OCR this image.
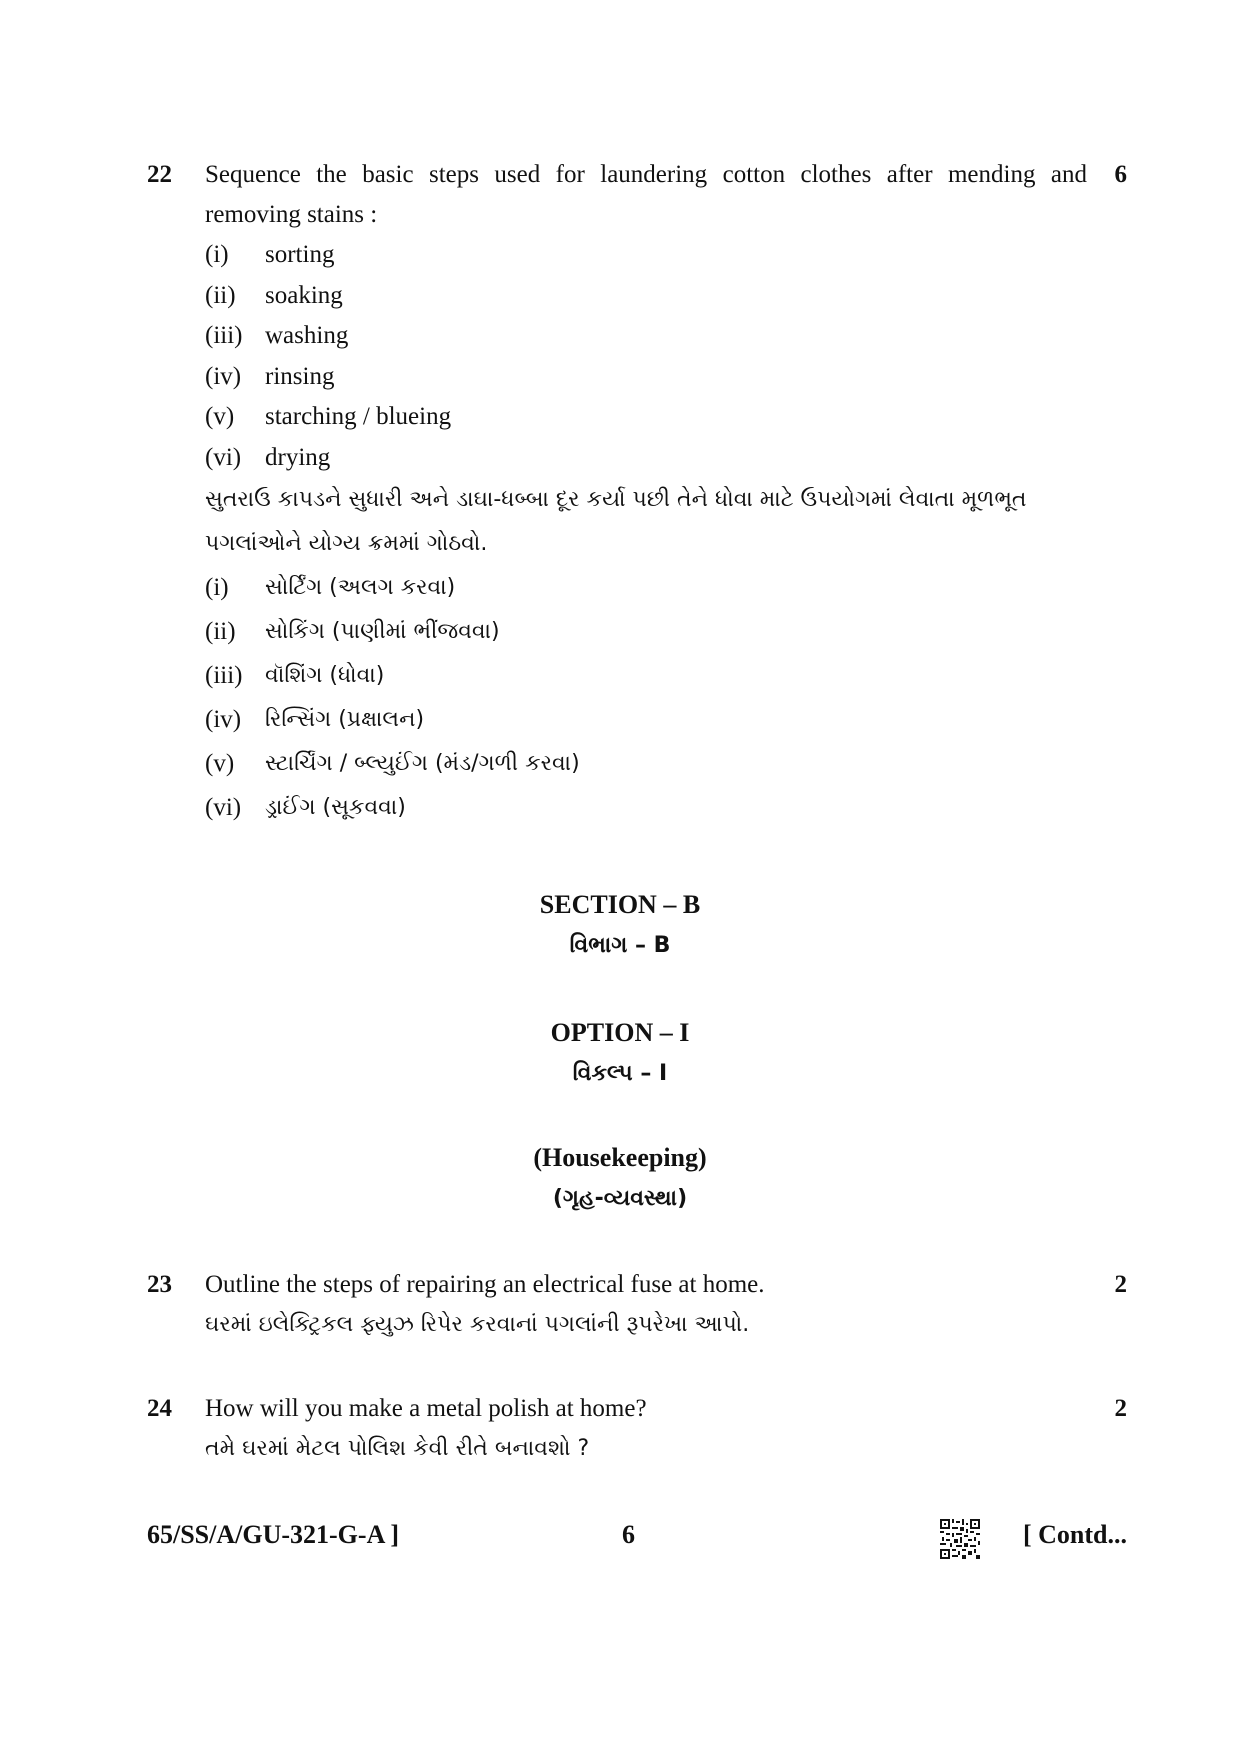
22	6
Sequence the basic steps used for laundering cotton clothes after mending and
removing stains :
(i)	sorting
(ii)	soaking
(iii) washing
(iv) rinsing
(v)	starching / blueing
(vi) drying
સુતરાઉ કાપડને સુધારી અને ડાઘા-ધબ્બા દૂર કર્યા પછી તેને ધોવા માટે ઉપયોગમાં લેવાતા મૂળભૂત
પગલાંઓને યોગ્ય ક્રમમાં ગોઠવો.
(i)	સોર્ટિંગ (અલગ કરવા)
(ii)	સોકિંગ (પાણીમાં ભીંજવવા)
(iii)	વૉશિંગ (ધોવા)
(iv)	રિન્સિંગ (પ્રક્ષાલન)
(v)	સ્ટાર્ચિંગ / બ્લ્યુઈંગ (મંડ/ગળી કરવા)
(vi)	ડ્રાઈંગ (સૂકવવા)
SECTION – B
વિભાગ – B
OPTION – I
વિકલ્પ – I
(Housekeeping)
(ગૃહ-વ્યવસ્થા)
23	2
Outline the steps of repairing an electrical fuse at home.
ઘરમાં ઇલેક્ટ્રિકલ ફ્યુઝ રિપેર કરવાનાં પગલાંની રૂપરેખા આપો.
24	2
How will you make a metal polish at home?
તમે ઘરમાં મેટલ પોલિશ કેવી રીતે બનાવશો ?
65/SS/A/GU-321-G-A ]	6	[ Contd...
